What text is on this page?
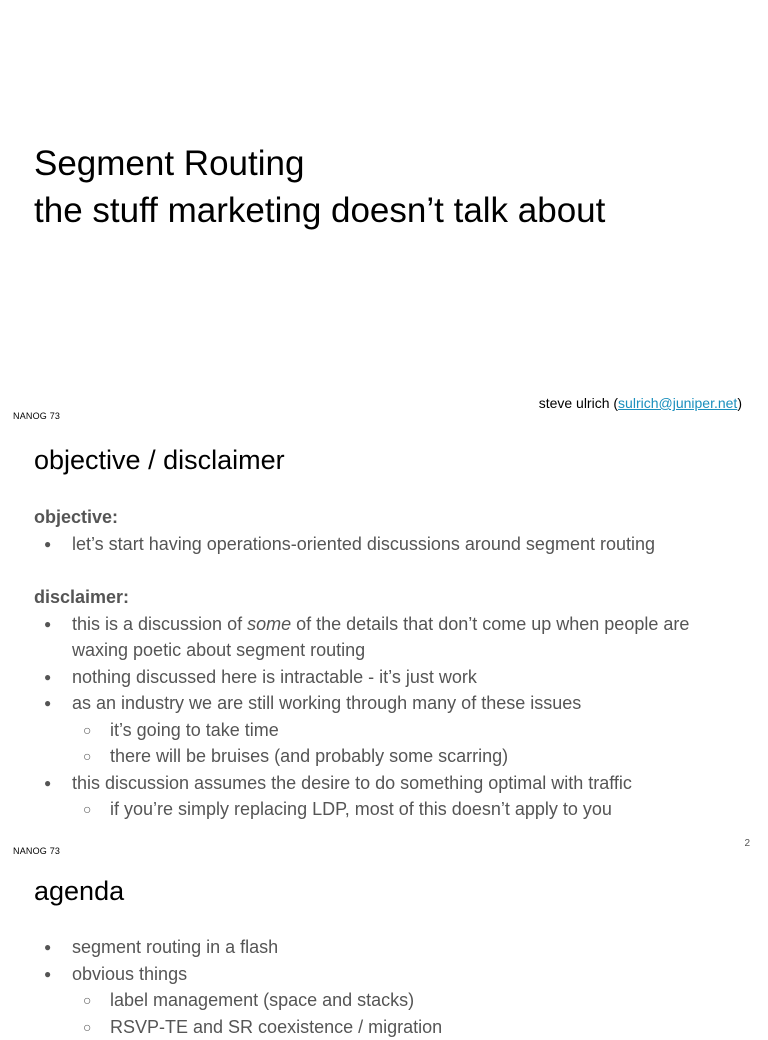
Segment Routing
the stuff marketing doesn’t talk about
steve ulrich (sulrich@juniper.net)
NANOG 73
objective / disclaimer
objective:
● let’s start having operations-oriented discussions around segment routing
disclaimer:
● this is a discussion of some of the details that don’t come up when people are waxing poetic about segment routing
● nothing discussed here is intractable - it’s just work
● as an industry we are still working through many of these issues
○ it’s going to take time
○ there will be bruises (and probably some scarring)
● this discussion assumes the desire to do something optimal with traffic
○ if you’re simply replacing LDP, most of this doesn’t apply to you
2
NANOG 73
agenda
● segment routing in a flash
● obvious things
○ label management (space and stacks)
○ RSVP-TE and SR coexistence / migration
